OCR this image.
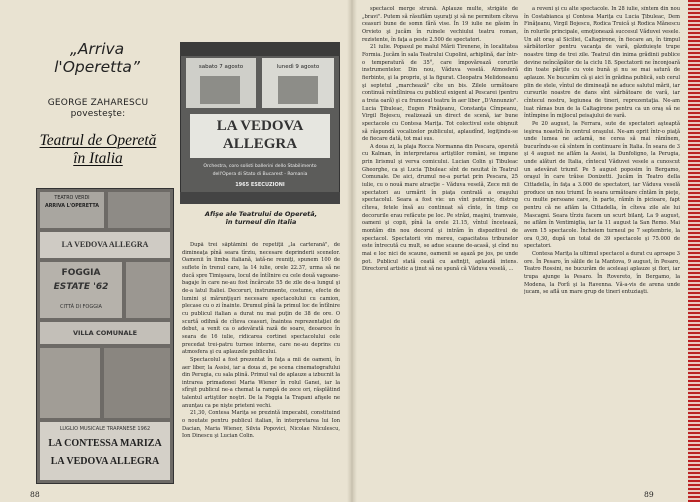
„Arriva
l'Operetta”
GEORGE ZAHARESCU
povesteşte:
Teatrul de Operetă
în Italia
sabato 7 agosto	lunedì 9 agosto
LA VEDOVA
ALLEGRA
Orchestra, coro solisti ballerini dello Stabilimento
dell'Opera di Stato di Bucarest - Romania
1965 ESECUZIONI
TEATRO VERDI
ARRIVA L'OPERETTA
LA VEDOVA ALLEGRA
FOGGIA
ESTATE '62
CITTÀ DI FOGGIA
VILLA COMUNALE
LUGLIO MUSICALE TRAPANESE 1962
LA CONTESSA MARIZA
LA VEDOVA ALLEGRA
Afişe ale Teatrului de Operetă,
în turneul din Italia

După trei săptămîni de repetiţii „la carterană", de dimineaţa pînă seara tîrziu, necesare deprinderii scenelor. Oamenii în limba italiană, iată-ne reuniţi, spunem 100 de suflete în trenul care, la 14 iulie, orele 22.37, urma să ne ducă spre Timişoara, locul de întîlnire cu cele două vagoane-bagaje în care ne-au fost încărcate 55 de zile de-a lungul şi de-a latul Italiei. Decoruri, instrumente, costume, efecte de lumini şi mărunţişuri necesare spectacolului cu camion, plecase cu o zi înainte. Drumul pînă la primul loc de întîlnire cu publicul italian a durat nu mai puţin de 38 de ore. O scurtă odihnă de cîteva ceasuri, înaintea reprezentaţiei de debut, a venit ca o adevărată rază de soare, deoarece în seara de 16 iulie, ridicarea cortinei spectacolului cele precedat trei-patru turnee interne, care ne-au deprins cu atmosfera şi cu aplauzele publicului.

Spectacolul a fost prezentat în faţa a mii de oameni, în aer liber, la Assisi, iar a doua zi, pe scena cinematografului din Perugia, cu sala plină. Primul val de aplauze a izbucnit la intrarea primadonei Maria Wiener în rolul Ganei, iar la sfîrşit publicul ne-a chemat la rampă de zece ori, răsplătind talentul artiştilor noştri. De la Foggia la Trapani afişele ne anunţau ca pe nişte prieteni vechi.

21,30, Contesa Mariţa se prezintă impecabil, constituind o noutate pentru publicul italian, în interpretarea lui Ion Dacian, Maria Wiener, Silvia Popovici, Nicolae Niculescu, Ion Dinescu şi Lucian Colin.

88

spectacol merge strună. Aplauze multe, strigăte de „bravi". Putem să răsuflăm uşuraţi şi să ne permitem cîteva ceasuri bune de somn fără vise. În 19 iulie ne găsim în Orvieto şi jucăm în ruinele vechiului teatru roman, rezistente, în faţa a peste 2.500 de spectatori.

21 iulie. Popasul pe malul Mării Tirenene, în localitatea Formia. Jucăm în sala Teatrului Cupolini, arhiplină, dar într-o temperatură de 35°, care împovărează corurile instrumentelor. Din nou, Văduva veselă. Atmosferă fierbinte, şi la propriu, şi la figurat. Cleopatra Melidoneanu şi septetul „marchează" cîte un bis. Zilele următoare continuă reîntîlnirea cu publicul exigent al Pescarei (pentru a treia oară) şi cu frumosul teatru în aer liber „D'Annunzio". Lucia Ţibuleac, Eugen Finăţeanu, Constanţa Cîmpeanu, Virgil Bojescu, realizează un direct de scenă, iar bune spectacole cu Contesa Mariţa. Tot colectivul este obişnuit să răspundă vocalizelor publicului, aplaudînd, legiţindu-se de fiecare dată, tot mai sus.

A doua zi, la plaja Rocca Normanna din Pescara, operetă cu Kalman, în interpretarea artiştilor români, se impune prin lirismul şi verva comicului. Lucian Colin şi Tibuleac Gheorghe, ca şi Lucia Ţibuleac sînt de neuitat în Teatrul Comunale. De aici, drumul ne-a purtat prin Pescara, 25 iulie, cu o nouă mare atracţie – Văduva veselă, Zece mii de spectatori au urmărit în piaţa centrală a oraşului spectacolul. Seara a fost vie: un vînt puternic, distrug cîteva, fetele însă au continuat să cînte, în timp ce decorurile erau refăcute pe loc. Pe străzi, maşini, tramvaie, oameni şi copii, pînă la orele 21.15, vîntul încetează, montăm din nou decorul şi intrăm în dispozitivul de spectacol. Spectatorii vin mereu, capacitatea tribunelor este întrecută cu mult, se adue scaune de-acasă, şi cînd nu mai e loc nici de scaune, oamenii se aşază pe jos, pe unde pot. Publicul stată ceată cu asfinţit, aplaudă intens. Directorul artistic a ţinut să ne spună că Văduva veselă, ...

a reveni şi cu alte spectacole. În 28 iulie, sîntem din nou în Costabianca şi Contesa Mariţa cu Lucia Ţibuleac, Dem Finăţeanu, Virgil Bojescu, Rodica Truică şi Rodica Mănescu în rolurile principale, emoţionează succesul Văduvei vesele. Un alt oraş al Siciliei, Caltagirone, în fiecare an, în timpul sărbătorilor pentru vacanţa de vară, găzduieşte trupe noastre timp de trei zile. Teatrul din inima grădinii publice devine neîncăpător de la ciclu 18. Spectatorii ne înconjoară din toate părţile cu voie bună şi nu se mai satură de aplauze. Ne bucurăm că şi aici în grădina publică, sub cerul plin de stele, vîntul de dimineaţă ne aduce salutul mării, iar cursurile noastre de dans sînt sărbătoare de vară, iar cîntecul nostru, legiunea de tineri, reprezentaţia. Ne-am luat rămas bun de la Caltagirone pentru ca un oraş să ne întîmpine în mijlocul peisajului de vară.

Pe 20 august, la Ferrara, sute de spectatori aşteaptă ieşirea noastră în centrul oraşului. Ne-am oprit într-o piaţă unde lumea ne aclamă, ne cerea să mai rămînem, bucurîndu-se că sîntem în continuare în Italia. În seara de 3 şi 4 august ne aflăm la Assisi, la Dunfoligno, la Perugia, unde alături de Italia, cîntecul Văduvei vesele a cunoscut un adevărat triumf. Pe 5 august poposim în Bergamo, oraşul în care trăise Donizetti. Jucăm în Teatro della Cittadella, în faţa a 3.000 de spectatori, iar Văduva veselă produce un nou triumf. În seara următoare cîntăm în pieţe, cu multe persoane care, în parte, rămîn în picioare, fapt pentru că ne aflăm la Cittadella, în cîteva zile ale lui Mascagni. Seara tîrziu facem un scurt bilanţ. La 9 august, ne aflăm în Ventimiglia, iar la 11 august la San Remo. Mai avem 15 spectacole. Încheiem turneul pe 7 septembrie, la ora 0,30, după un total de 39 spectacole şi 75.000 de spectatori.

Contesa Mariţa la ultimul spectacol a durat cu aproape 3 ore. În Pesaro, în sălile de la Mantova, 9 august, în Pesaro, Teatro Rossini, ne bucurăm de aceleaşi aplauze şi flori, iar trupa ajunge la Pesaro. În Rovereto, în Bergamo, la Modena, la Forlì şi la Ravenna. Vă-a-vis de arena unde jucam, se află un mare grup de tineri entuziaşti.

89
